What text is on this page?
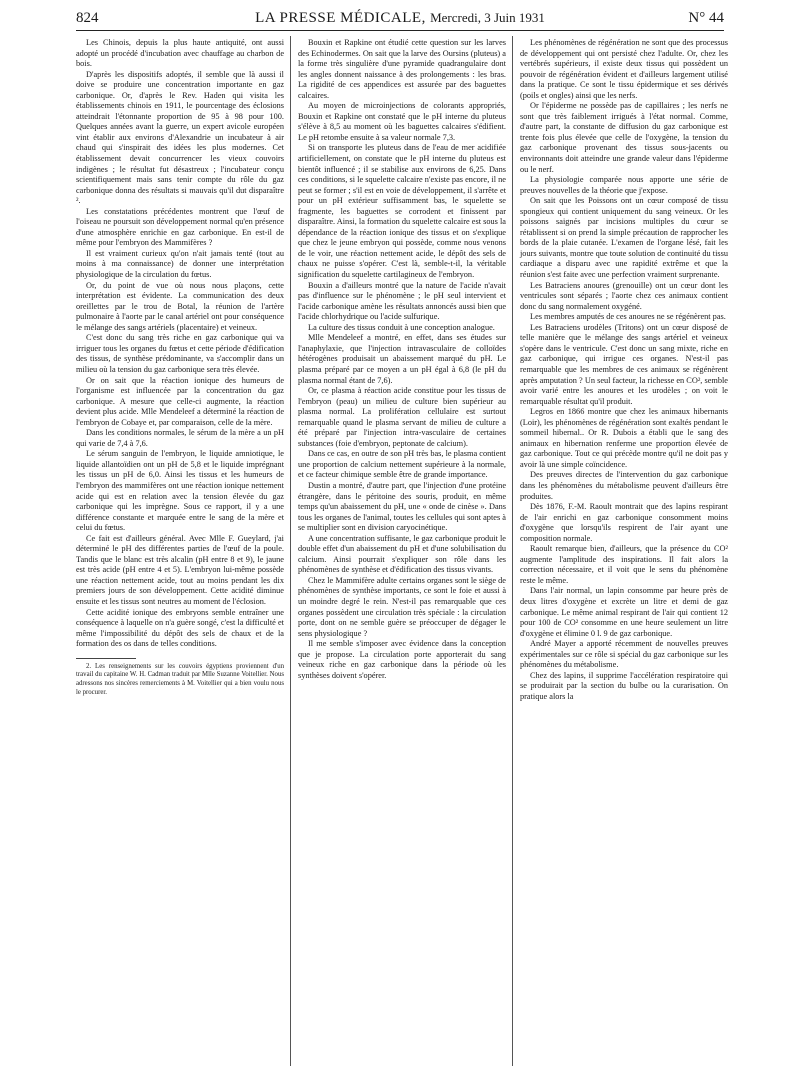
824	LA PRESSE MÉDICALE, Mercredi, 3 Juin 1931	N° 44

Les Chinois, depuis la plus haute antiquité, ont aussi adopté un procédé d'incubation avec chauffage au charbon de bois.

D'après les dispositifs adoptés, il semble que là aussi il doive se produire une concentration importante en gaz carbonique. Or, d'après le Rev. Haden qui visita les établissements chinois en 1911, le pourcentage des éclosions atteindrait l'étonnante proportion de 95 à 98 pour 100. Quelques années avant la guerre, un expert avicole européen vint établir aux environs d'Alexandrie un incubateur à air chaud qui s'inspirait des idées les plus modernes. Cet établissement devait concurrencer les vieux couvoirs indigènes ; le résultat fut désastreux ; l'incubateur conçu scientifiquement mais sans tenir compte du rôle du gaz carbonique donna des résultats si mauvais qu'il dut disparaître ².

Les constatations précédentes montrent que l'œuf de l'oiseau ne poursuit son développement normal qu'en présence d'une atmosphère enrichie en gaz carbonique. En est-il de même pour l'embryon des Mammifères ?

Il est vraiment curieux qu'on n'ait jamais tenté (tout au moins à ma connaissance) de donner une interprétation physiologique de la circulation du fœtus.

Or, du point de vue où nous nous plaçons, cette interprétation est évidente. La communication des deux oreillettes par le trou de Botal, la réunion de l'artère pulmonaire à l'aorte par le canal artériel ont pour conséquence le mélange des sangs artériels (placentaire) et veineux.

C'est donc du sang très riche en gaz carbonique qui va irriguer tous les organes du fœtus et cette période d'édification des tissus, de synthèse prédominante, va s'accomplir dans un milieu où la tension du gaz carbonique sera très élevée.

Or on sait que la réaction ionique des humeurs de l'organisme est influencée par la concentration du gaz carbonique. A mesure que celle-ci augmente, la réaction devient plus acide. Mlle Mendeleef a déterminé la réaction de l'embryon de Cobaye et, par comparaison, celle de la mère.

Dans les conditions normales, le sérum de la mère a un pH qui varie de 7,4 à 7,6.

Le sérum sanguin de l'embryon, le liquide amniotique, le liquide allantoïdien ont un pH de 5,8 et le liquide imprégnant les tissus un pH de 6,0. Ainsi les tissus et les humeurs de l'embryon des mammifères ont une réaction ionique nettement acide qui est en relation avec la tension élevée du gaz carbonique qui les imprègne. Sous ce rapport, il y a une différence constante et marquée entre le sang de la mère et celui du fœtus.

Ce fait est d'ailleurs général. Avec Mlle F. Gueylard, j'ai déterminé le pH des différentes parties de l'œuf de la poule. Tandis que le blanc est très alcalin (pH entre 8 et 9), le jaune est très acide (pH entre 4 et 5). L'embryon lui-même possède une réaction nettement acide, tout au moins pendant les dix premiers jours de son développement. Cette acidité diminue ensuite et les tissus sont neutres au moment de l'éclosion.

Cette acidité ionique des embryons semble entraîner une conséquence à laquelle on n'a guère songé, c'est la difficulté et même l'impossibilité du dépôt des sels de chaux et de la formation des os dans de telles conditions.

2. Les renseignements sur les couvoirs égyptiens proviennent d'un travail du capitaine W. H. Cadman traduit par Mlle Suzanne Voitellier. Nous adressons nos sincères remerciements à M. Voitellier qui a bien voulu nous le procurer.

Bouxin et Rapkine ont étudié cette question sur les larves des Echinodermes. On sait que la larve des Oursins (pluteus) a la forme très singulière d'une pyramide quadrangulaire dont les angles donnent naissance à des prolongements : les bras. La rigidité de ces appendices est assurée par des baguettes calcaires.

Au moyen de microinjections de colorants appropriés, Bouxin et Rapkine ont constaté que le pH interne du pluteus s'élève à 8,5 au moment où les baguettes calcaires s'édifient. Le pH retombe ensuite à sa valeur normale 7,3.

Si on transporte les pluteus dans de l'eau de mer acidifiée artificiellement, on constate que le pH interne du pluteus est bientôt influencé ; il se stabilise aux environs de 6,25. Dans ces conditions, si le squelette calcaire n'existe pas encore, il ne peut se former ; s'il est en voie de développement, il s'arrête et pour un pH extérieur suffisamment bas, le squelette se fragmente, les baguettes se corrodent et finissent par disparaître. Ainsi, la formation du squelette calcaire est sous la dépendance de la réaction ionique des tissus et on s'explique que chez le jeune embryon qui possède, comme nous venons de le voir, une réaction nettement acide, le dépôt des sels de chaux ne puisse s'opérer. C'est là, semble-t-il, la véritable signification du squelette cartilagineux de l'embryon.

Bouxin a d'ailleurs montré que la nature de l'acide n'avait pas d'influence sur le phénomène ; le pH seul intervient et l'acide carbonique amène les résultats annoncés aussi bien que l'acide chlorhydrique ou l'acide sulfurique.

La culture des tissus conduit à une conception analogue.

Mlle Mendeleef a montré, en effet, dans ses études sur l'anaphylaxie, que l'injection intravasculaire de colloïdes hétérogènes produisait un abaissement marqué du pH. Le plasma préparé par ce moyen a un pH égal à 6,8 (le pH du plasma normal étant de 7,6).

Or, ce plasma à réaction acide constitue pour les tissus de l'embryon (peau) un milieu de culture bien supérieur au plasma normal. La prolifération cellulaire est surtout remarquable quand le plasma servant de milieu de culture a été préparé par l'injection intra-vasculaire de certaines substances (foie d'embryon, peptonate de calcium).

Dans ce cas, en outre de son pH très bas, le plasma contient une proportion de calcium nettement supérieure à la normale, et ce facteur chimique semble être de grande importance.

Dustin a montré, d'autre part, que l'injection d'une protéine étrangère, dans le péritoine des souris, produit, en même temps qu'un abaissement du pH, une « onde de cinèse ». Dans tous les organes de l'animal, toutes les cellules qui sont aptes à se multiplier sont en division caryocinétique.

A une concentration suffisante, le gaz carbonique produit le double effet d'un abaissement du pH et d'une solubilisation du calcium. Ainsi pourrait s'expliquer son rôle dans les phénomènes de synthèse et d'édification des tissus vivants.

Chez le Mammifère adulte certains organes sont le siège de phénomènes de synthèse importants, ce sont le foie et aussi à un moindre degré le rein. N'est-il pas remarquable que ces organes possèdent une circulation très spéciale : la circulation porte, dont on ne semble guère se préoccuper de dégager le sens physiologique ?

Il me semble s'imposer avec évidence dans la conception que je propose. La circulation porte apporterait du sang veineux riche en gaz carbonique dans la période où les synthèses doivent s'opérer.

Les phénomènes de régénération ne sont que des processus de développement qui ont persisté chez l'adulte. Or, chez les vertébrés supérieurs, il existe deux tissus qui possèdent un pouvoir de régénération évident et d'ailleurs largement utilisé dans la pratique. Ce sont le tissu épidermique et ses dérivés (poils et ongles) ainsi que les nerfs.

Or l'épiderme ne possède pas de capillaires ; les nerfs ne sont que très faiblement irrigués à l'état normal. Comme, d'autre part, la constante de diffusion du gaz carbonique est trente fois plus élevée que celle de l'oxygène, la tension du gaz carbonique provenant des tissus sous-jacents ou environnants doit atteindre une grande valeur dans l'épiderme ou le nerf.

La physiologie comparée nous apporte une série de preuves nouvelles de la théorie que j'expose.

On sait que les Poissons ont un cœur composé de tissu spongieux qui contient uniquement du sang veineux. Or les poissons saignés par incisions multiples du cœur se rétablissent si on prend la simple précaution de rapprocher les bords de la plaie cutanée. L'examen de l'organe lésé, fait les jours suivants, montre que toute solution de continuité du tissu cardiaque a disparu avec une rapidité extrême et que la réunion s'est faite avec une perfection vraiment surprenante.

Les Batraciens anoures (grenouille) ont un cœur dont les ventricules sont séparés ; l'aorte chez ces animaux contient donc du sang normalement oxygéné.

Les membres amputés de ces anoures ne se régénèrent pas.

Les Batraciens urodèles (Tritons) ont un cœur disposé de telle manière que le mélange des sangs artériel et veineux s'opère dans le ventricule. C'est donc un sang mixte, riche en gaz carbonique, qui irrigue ces organes. N'est-il pas remarquable que les membres de ces animaux se régénèrent après amputation ? Un seul facteur, la richesse en CO², semble avoir varié entre les anoures et les urodèles ; on voit le remarquable résultat qu'il produit.

Legros en 1866 montre que chez les animaux hibernants (Loir), les phénomènes de régénération sont exaltés pendant le sommeil hibernal.. Or R. Dubois a établi que le sang des animaux en hibernation renferme une proportion élevée de gaz carbonique. Tout ce qui précède montre qu'il ne doit pas y avoir là une simple coïncidence.

Des preuves directes de l'intervention du gaz carbonique dans les phénomènes du métabolisme peuvent d'ailleurs être produites.

Dès 1876, F.-M. Raoult montrait que des lapins respirant de l'air enrichi en gaz carbonique consomment moins d'oxygène que lorsqu'ils respirent de l'air ayant une composition normale.

Raoult remarque bien, d'ailleurs, que la présence du CO² augmente l'amplitude des inspirations. Il fait alors la correction nécessaire, et il voit que le sens du phénomène reste le même.

Dans l'air normal, un lapin consomme par heure près de deux litres d'oxygène et excrète un litre et demi de gaz carbonique. Le même animal respirant de l'air qui contient 12 pour 100 de CO² consomme en une heure seulement un litre d'oxygène et élimine 0 l. 9 de gaz carbonique.

André Mayer a apporté récemment de nouvelles preuves expérimentales sur ce rôle si spécial du gaz carbonique sur les phénomènes du métabolisme.

Chez des lapins, il supprime l'accélération respiratoire qui se produirait par la section du bulbe ou la curarisation. On pratique alors la
